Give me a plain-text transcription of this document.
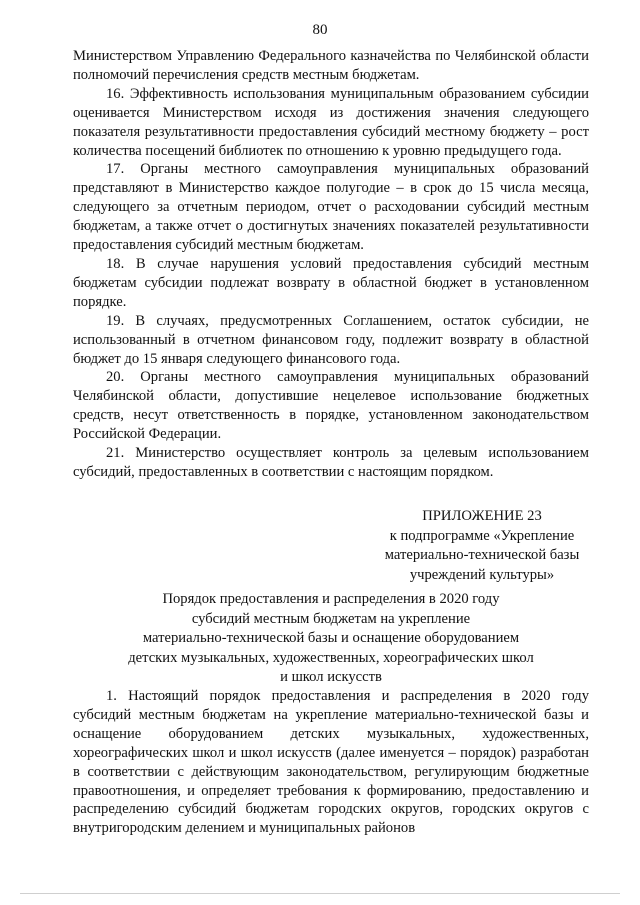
80

Министерством Управлению Федерального казначейства по Челябинской области полномочий перечисления средств местным бюджетам.

16. Эффективность использования муниципальным образованием субсидии оценивается Министерством исходя из достижения значения следующего показателя результативности предоставления субсидий местному бюджету – рост количества посещений библиотек по отношению к уровню предыдущего года.

17. Органы местного самоуправления муниципальных образований представляют в Министерство каждое полугодие – в срок до 15 числа месяца, следующего за отчетным периодом, отчет о расходовании субсидий местным бюджетам, а также отчет о достигнутых значениях показателей результативности предоставления субсидий местным бюджетам.

18. В случае нарушения условий предоставления субсидий местным бюджетам субсидии подлежат возврату в областной бюджет в установленном порядке.

19. В случаях, предусмотренных Соглашением, остаток субсидии, не использованный в отчетном финансовом году, подлежит возврату в областной бюджет до 15 января следующего финансового года.

20. Органы местного самоуправления муниципальных образований Челябинской области, допустившие нецелевое использование бюджетных средств, несут ответственность в порядке, установленном законодательством Российской Федерации.

21. Министерство осуществляет контроль за целевым использованием субсидий, предоставленных в соответствии с настоящим порядком.

ПРИЛОЖЕНИЕ 23
к подпрограмме «Укрепление
материально-технической базы
учреждений культуры»
Порядок предоставления и распределения в 2020 году
субсидий местным бюджетам на укрепление
материально-технической базы и оснащение оборудованием
детских музыкальных, художественных, хореографических школ
и школ искусств

1. Настоящий порядок предоставления и распределения в 2020 году субсидий местным бюджетам на укрепление материально-технической базы и оснащение оборудованием детских музыкальных, художественных, хореографических школ и школ искусств (далее именуется – порядок) разработан в соответствии с действующим законодательством, регулирующим бюджетные правоотношения, и определяет требования к формированию, предоставлению и распределению субсидий бюджетам городских округов, городских округов с внутригородским делением и муниципальных районов
